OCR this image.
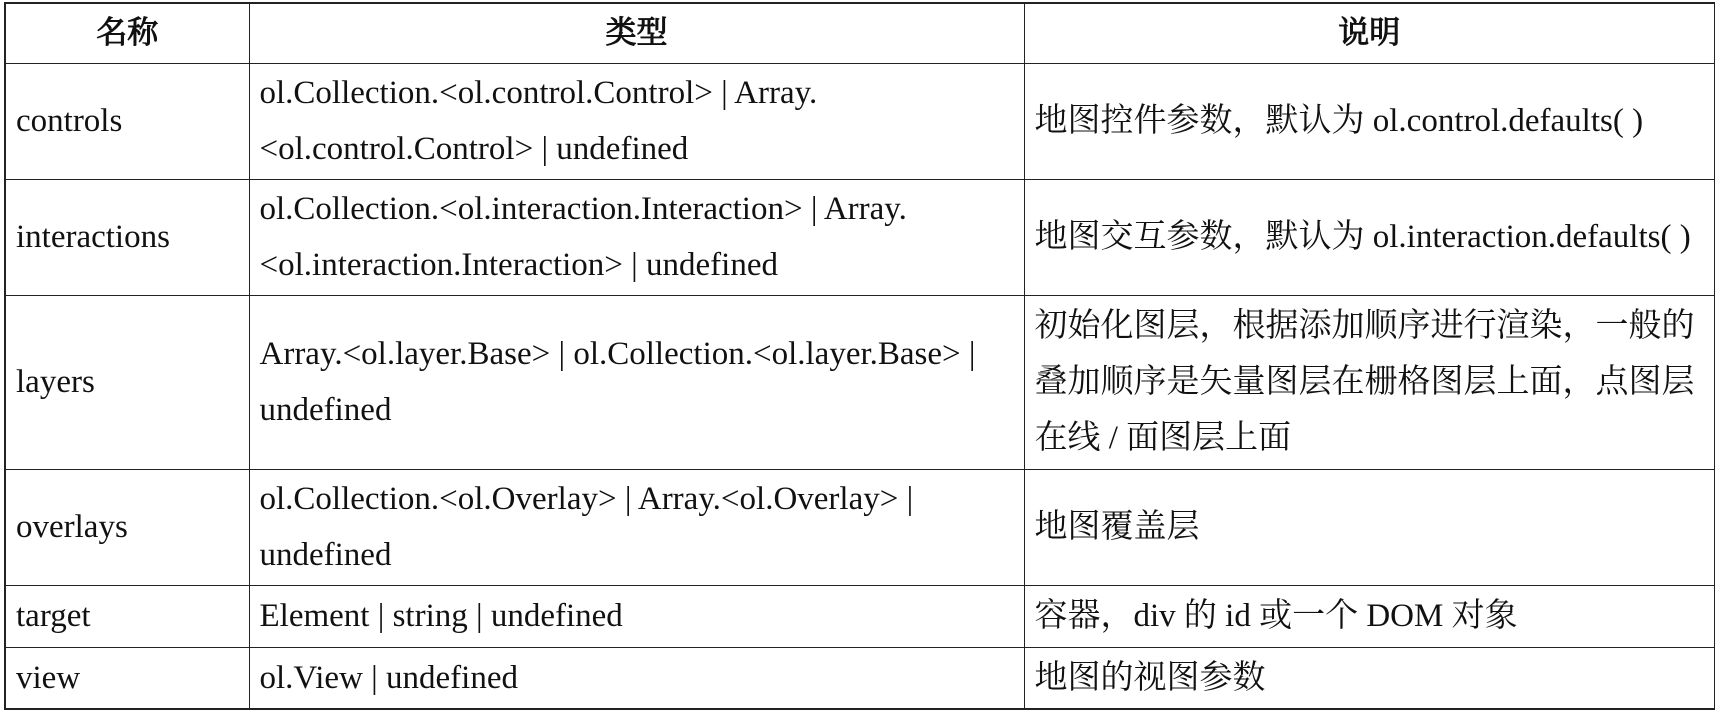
名称	类型	说明
controls	ol.Collection.<ol.control.Control> | Array.<ol.control.Control> | undefined	地图控件参数，默认为 ol.control.defaults( )
interactions	ol.Collection.<ol.interaction.Interaction> | Array.<ol.interaction.Interaction> | undefined	地图交互参数，默认为 ol.interaction.defaults( )
layers	Array.<ol.layer.Base> | ol.Collection.<ol.layer.Base> | undefined	初始化图层，根据添加顺序进行渲染，一般的叠加顺序是矢量图层在栅格图层上面，点图层在线 / 面图层上面
overlays	ol.Collection.<ol.Overlay> | Array.<ol.Overlay> | undefined	地图覆盖层
target	Element | string | undefined	容器，div 的 id 或一个 DOM 对象
view	ol.View | undefined	地图的视图参数
